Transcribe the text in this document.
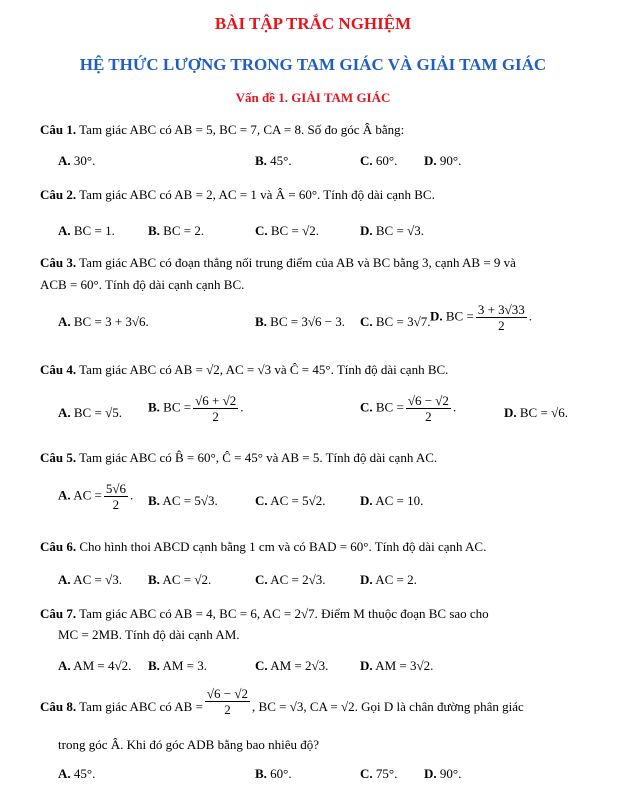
BÀI TẬP TRẮC NGHIỆM
HỆ THỨC LƯỢNG TRONG TAM GIÁC VÀ GIẢI TAM GIÁC
Vấn đề 1. GIẢI TAM GIÁC
Câu 1. Tam giác ABC có AB = 5, BC = 7, CA = 8. Số đo góc Â bằng:
A. 30°.	B. 45°.	C. 60°. D. 90°.
Câu 2. Tam giác ABC có AB = 2, AC = 1 và Â = 60°. Tính độ dài cạnh BC.
A. BC = 1.	B. BC = 2.	C. BC = √2.	D. BC = √3.
Câu 3. Tam giác ABC có đoạn thẳng nối trung điểm của AB và BC bằng 3, cạnh AB = 9 và
ACB = 60°. Tính độ dài cạnh cạnh BC.
A. BC = 3 + 3√6.	B. BC = 3√6 − 3. C. BC = 3√7. D. BC = $\frac{3 + 3√33}{2}$ .
Câu 4. Tam giác ABC có AB = √2, AC = √3 và Ĉ = 45°. Tính độ dài cạnh BC.
A. BC = √5. B. BC = $\frac{√6 + √2}{2}$ .	C. BC = $\frac{√6 - √2}{2}$ .	D. BC = √6.
Câu 5. Tam giác ABC có B̂ = 60°, Ĉ = 45° và AB = 5. Tính độ dài cạnh AC.
A. AC = $\frac{5√6}{2}$ . B. AC = 5√3.	C. AC = 5√2.	D. AC = 10.
Câu 6. Cho hình thoi ABCD cạnh bằng 1 cm và có BAD = 60°. Tính độ dài cạnh AC.
A. AC = √3. B. AC = √2.	C. AC = 2√3.	D. AC = 2.
Câu 7. Tam giác ABC có AB = 4, BC = 6, AC = 2√7. Điểm M thuộc đoạn BC sao cho
MC = 2MB. Tính độ dài cạnh AM.
A. AM = 4√2. B. AM = 3.	C. AM = 2√3. D. AM = 3√2.
Câu 8. Tam giác ABC có AB = $\frac{√6 - √2}{2}$ , BC = √3, CA = √2. Gọi D là chân đường phân giác
trong góc Â. Khi đó góc ADB bằng bao nhiêu độ?
A. 45°.	B. 60°.	C. 75°. D. 90°.
